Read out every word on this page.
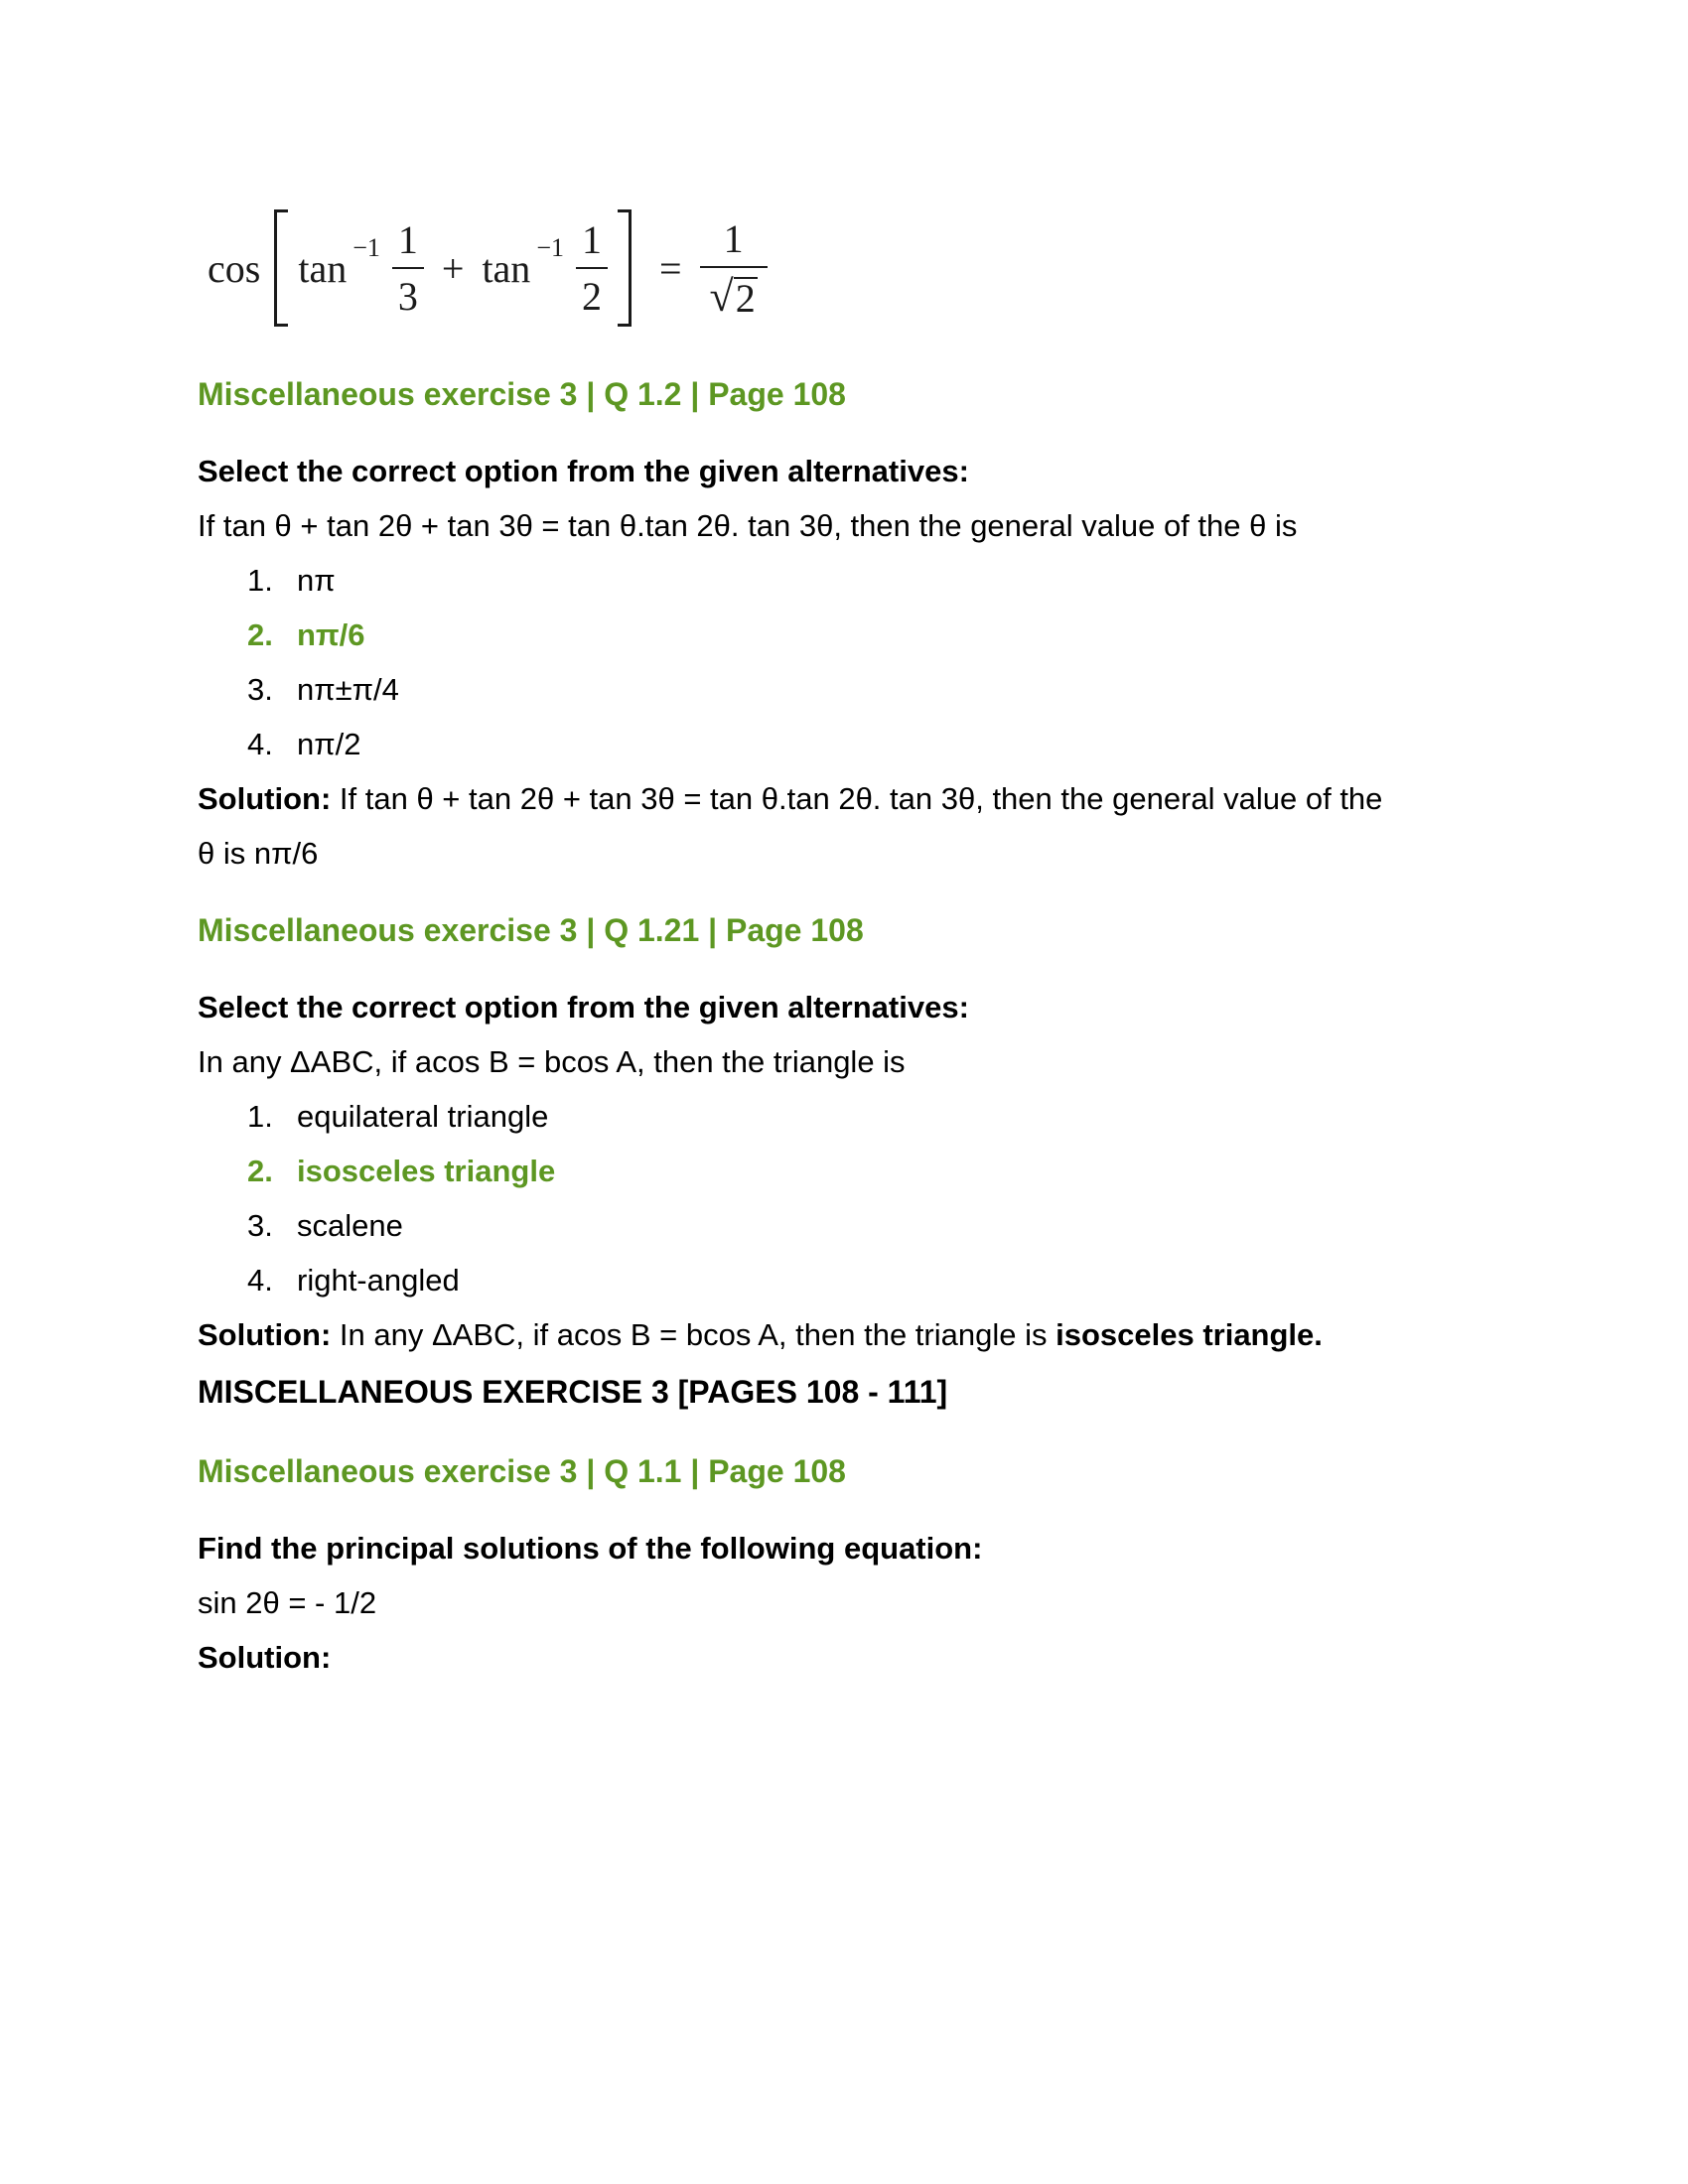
$\cos \tan -1 \frac{1}{3} + \tan -1 \frac{1}{2}$	= $\frac{1}{√ 2}$

Miscellaneous exercise 3 | Q 1.2 | Page 108

Select the correct option from the given alternatives:

If tan θ + tan 2θ + tan 3θ = tan θ.tan 2θ. tan 3θ, then the general value of the θ is

1. nπ
2. nπ/6
3. nπ±π/4
4. nπ/2

Solution: If tan θ + tan 2θ + tan 3θ = tan θ.tan 2θ. tan 3θ, then the general value of the

θ is nπ/6

Miscellaneous exercise 3 | Q 1.21 | Page 108

Select the correct option from the given alternatives:

In any ΔABC, if acos B = bcos A, then the triangle is

1. equilateral triangle
2. isosceles triangle
3. scalene
4. right-angled

Solution: In any ΔABC, if acos B = bcos A, then the triangle is isosceles triangle.

MISCELLANEOUS EXERCISE 3 [PAGES 108 - 111]

Miscellaneous exercise 3 | Q 1.1 | Page 108

Find the principal solutions of the following equation:

sin 2θ = - 1/2

Solution:
